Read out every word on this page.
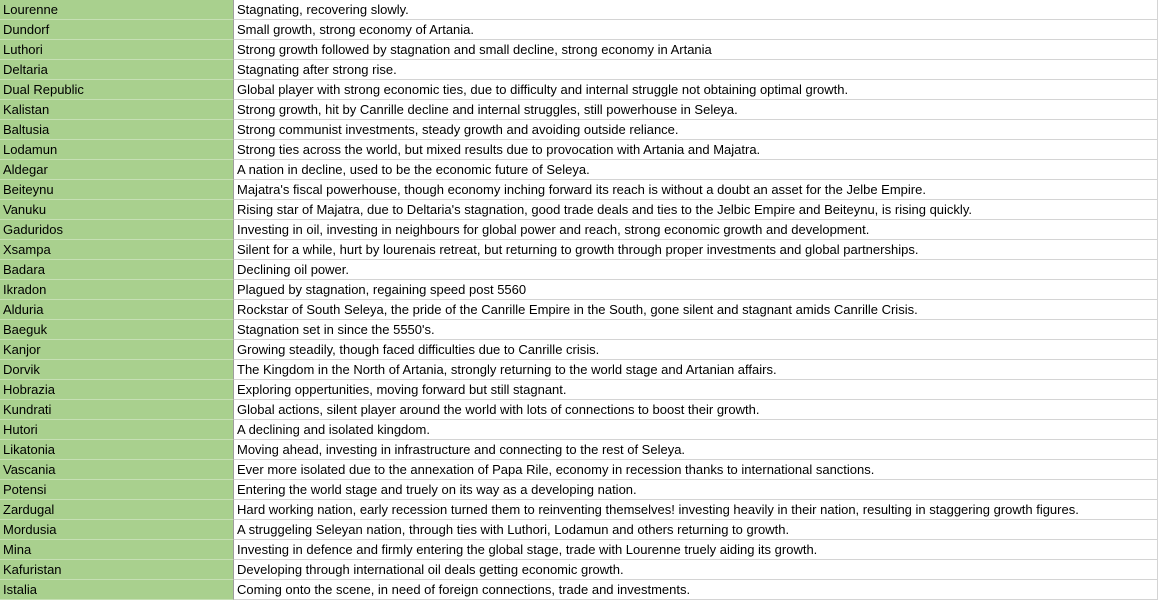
Lourenne	Stagnating, recovering slowly.
Dundorf	Small growth, strong economy of Artania.
Luthori	Strong growth followed by stagnation and small decline, strong economy in Artania
Deltaria	Stagnating after strong rise.
Dual Republic	Global player with strong economic ties, due to difficulty and internal struggle not obtaining optimal growth.
Kalistan	Strong growth, hit by Canrille decline and internal struggles, still powerhouse in Seleya.
Baltusia	Strong communist investments, steady growth and avoiding outside reliance.
Lodamun	Strong ties across the world, but mixed results due to provocation with Artania and Majatra.
Aldegar	A nation in decline, used to be the economic future of Seleya.
Beiteynu	Majatra's fiscal powerhouse, though economy inching forward its reach is without a doubt an asset for the Jelbe Empire.
Vanuku	Rising star of Majatra, due to Deltaria's stagnation, good trade deals and ties to the Jelbic Empire and Beiteynu, is rising quickly.
Gaduridos	Investing in oil, investing in neighbours for global power and reach, strong economic growth and development.
Xsampa	Silent for a while, hurt by lourenais retreat, but returning to growth through proper investments and global partnerships.
Badara	Declining oil power.
Ikradon	Plagued by stagnation, regaining speed post 5560
Alduria	Rockstar of South Seleya, the pride of the Canrille Empire in the South, gone silent and stagnant amids Canrille Crisis.
Baeguk	Stagnation set in since the 5550's.
Kanjor	Growing steadily, though faced difficulties due to Canrille crisis.
Dorvik	The Kingdom in the North of Artania, strongly returning to the world stage and Artanian affairs.
Hobrazia	Exploring oppertunities, moving forward but still stagnant.
Kundrati	Global actions, silent player around the world with lots of connections to boost their growth.
Hutori	A declining and isolated kingdom.
Likatonia	Moving ahead, investing in infrastructure and connecting to the rest of Seleya.
Vascania	Ever more isolated due to the annexation of Papa Rile, economy in recession thanks to international sanctions.
Potensi	Entering the world stage and truely on its way as a developing nation.
Zardugal	Hard working nation, early recession turned them to reinventing themselves! investing heavily in their nation, resulting in staggering growth figures.
Mordusia	A struggeling Seleyan nation, through ties with Luthori, Lodamun and others returning to growth.
Mina	Investing in defence and firmly entering the global stage, trade with Lourenne truely aiding its growth.
Kafuristan	Developing through international oil deals getting economic growth.
Istalia	Coming onto the scene, in need of foreign connections, trade and investments.
